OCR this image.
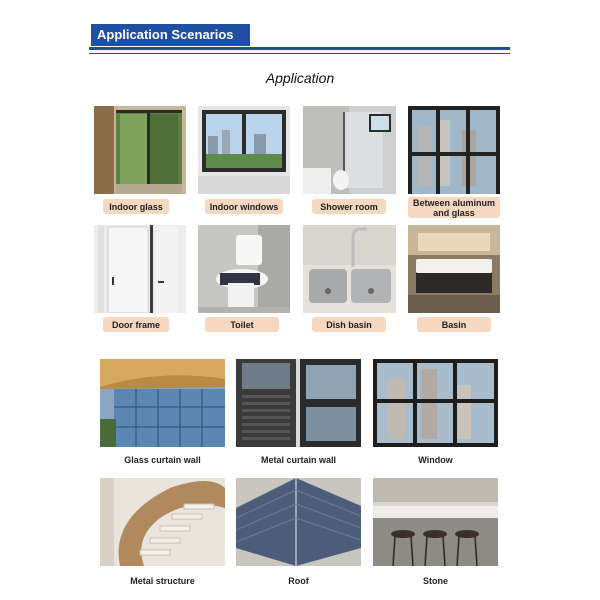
Application Scenarios
Application
Indoor glass	Indoor windows	Shower room	Between aluminum and glass
Door frame	Toilet	Dish basin	Basin
Glass curtain wall	Metal curtain wall	Window
Metal structure	Roof	Stone
